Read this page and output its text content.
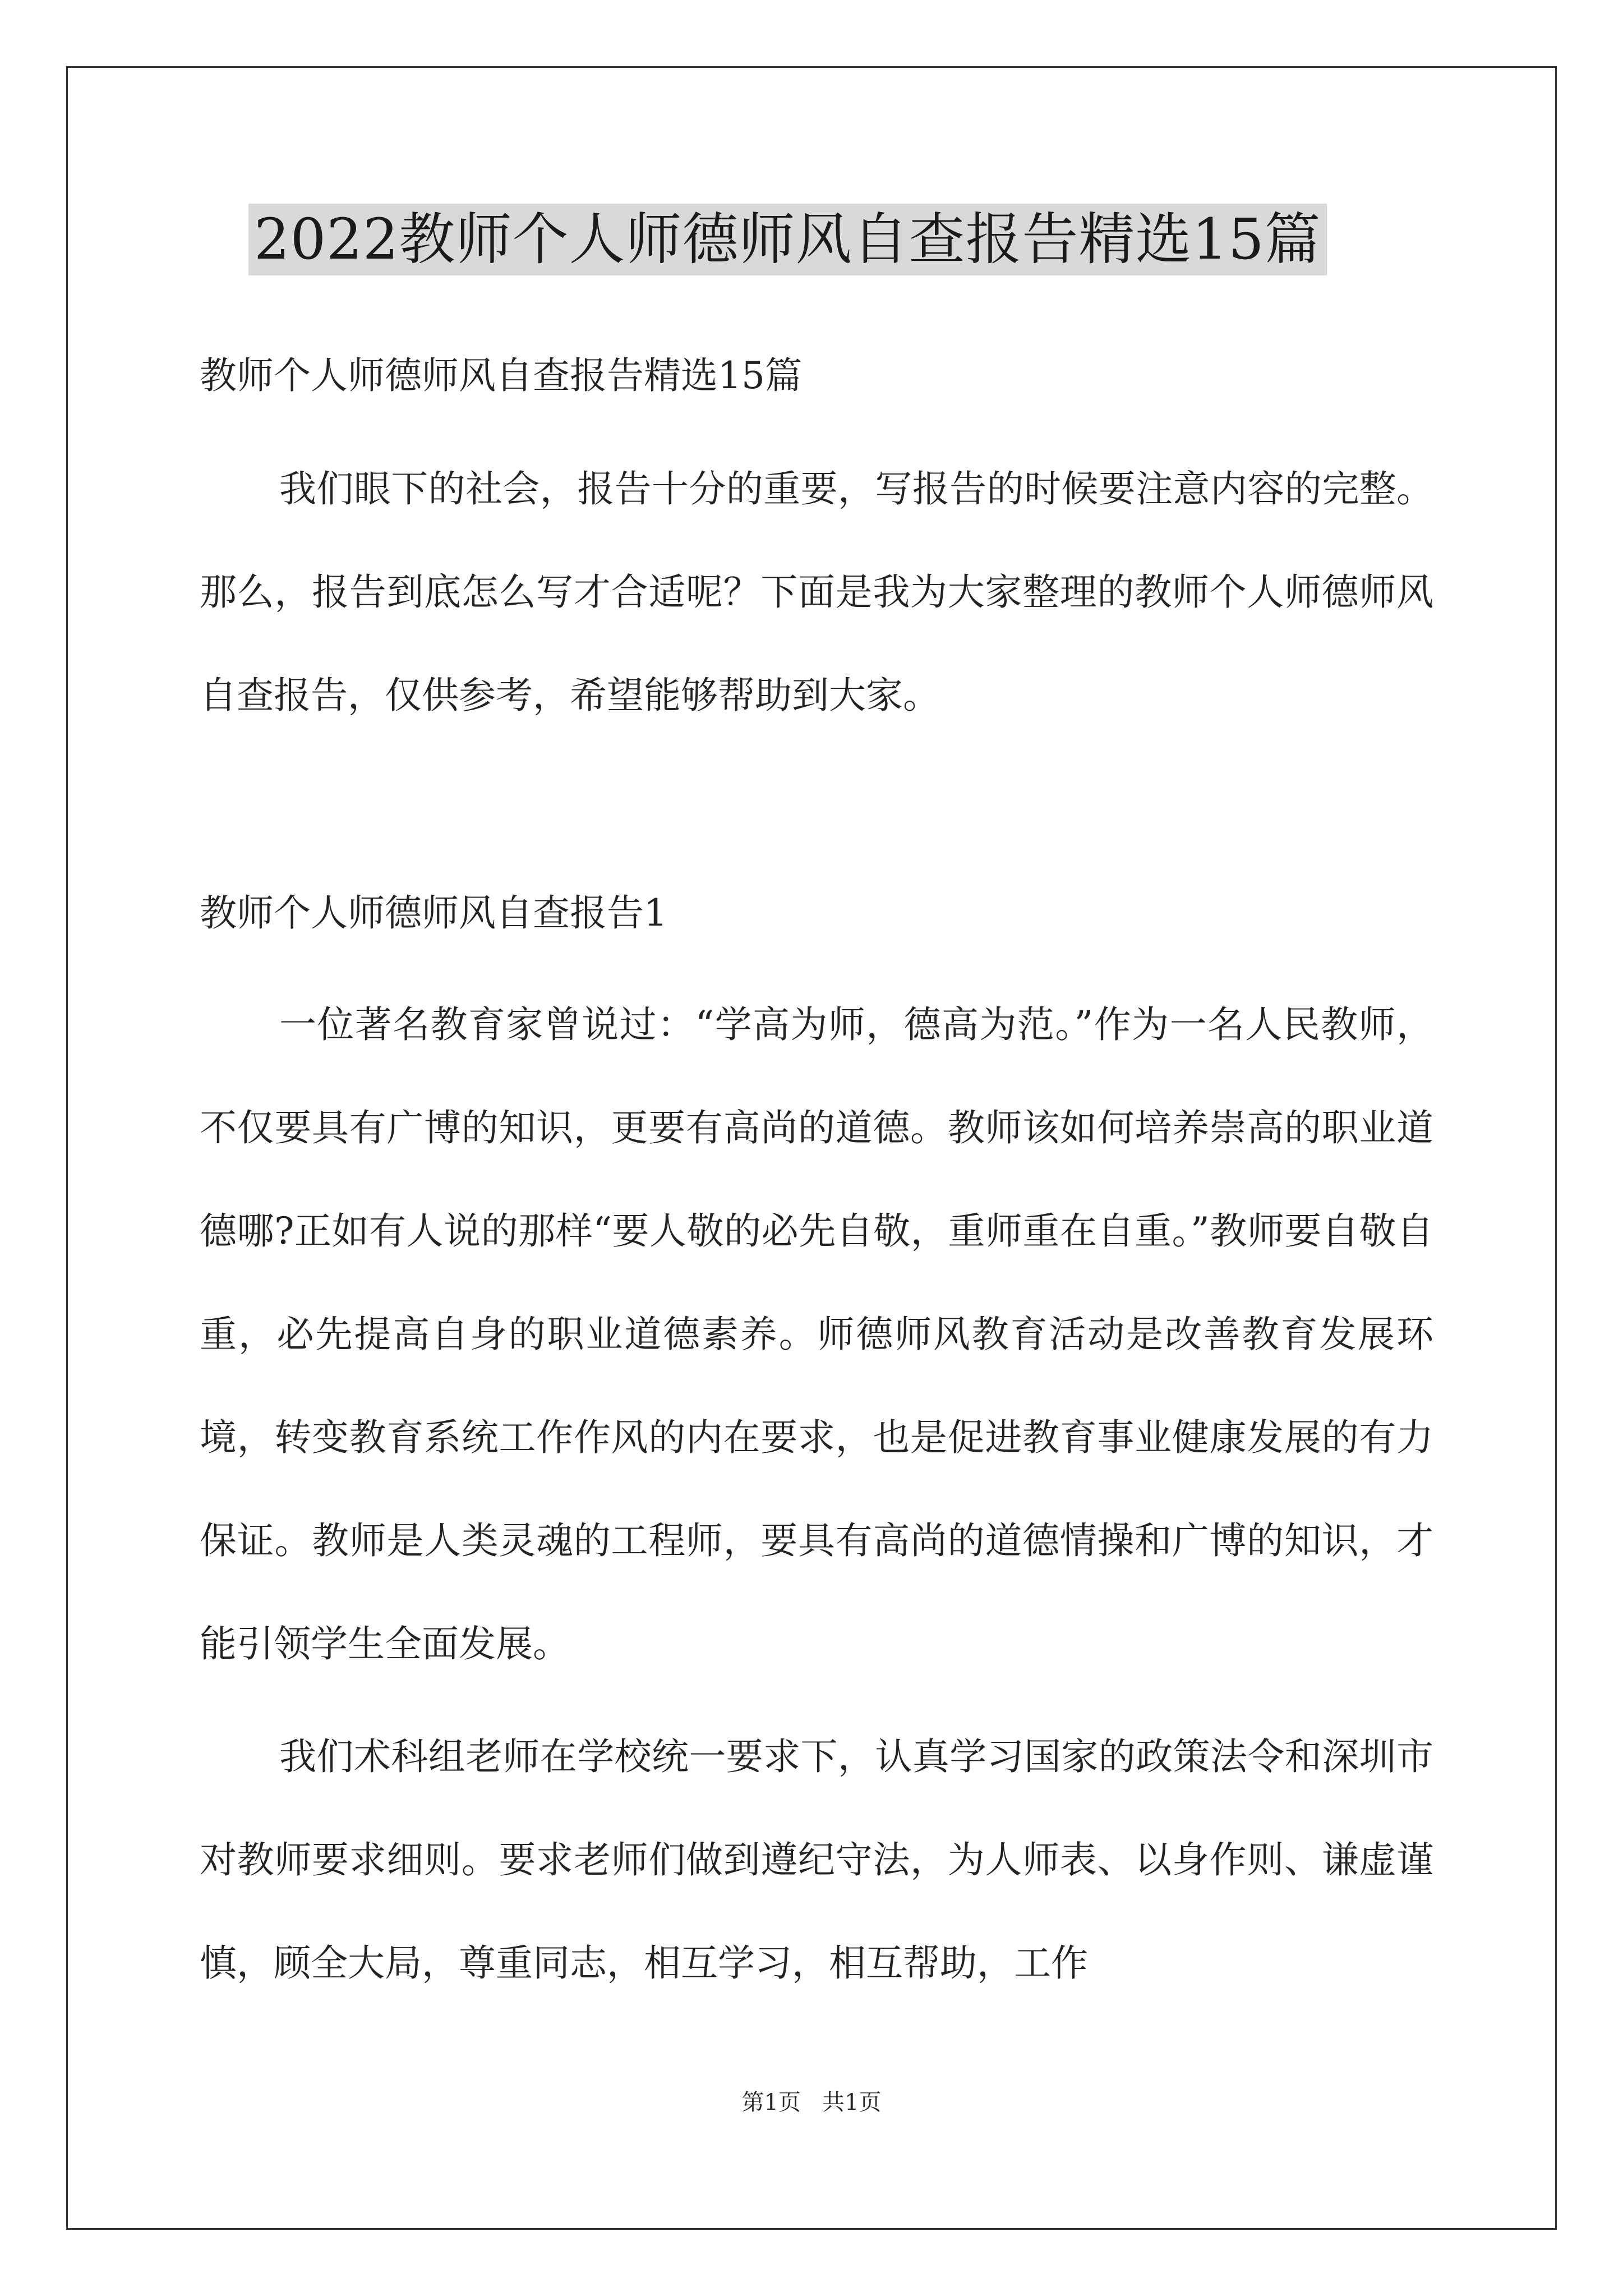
2022教师个人师德师风自查报告精选15篇
教师个人师德师风自查报告精选15篇

我们眼下的社会，报告十分的重要，写报告的时候要注意内容的完整。那么，报告到底怎么写才合适呢？下面是我为大家整理的教师个人师德师风自查报告，仅供参考，希望能够帮助到大家。

教师个人师德师风自查报告1

一位著名教育家曾说过：“学高为师，德高为范。”作为一名人民教师，不仅要具有广博的知识，更要有高尚的道德。教师该如何培养崇高的职业道德哪?正如有人说的那样“要人敬的必先自敬，重师重在自重。”教师要自敬自重，必先提高自身的职业道德素养。师德师风教育活动是改善教育发展环境，转变教育系统工作作风的内在要求，也是促进教育事业健康发展的有力保证。教师是人类灵魂的工程师，要具有高尚的道德情操和广博的知识，才能引领学生全面发展。

我们术科组老师在学校统一要求下，认真学习国家的政策法令和深圳市对教师要求细则。要求老师们做到遵纪守法，为人师表、以身作则、谦虚谨慎，顾全大局，尊重同志，相互学习，相互帮助，工作

第1页   共1页
